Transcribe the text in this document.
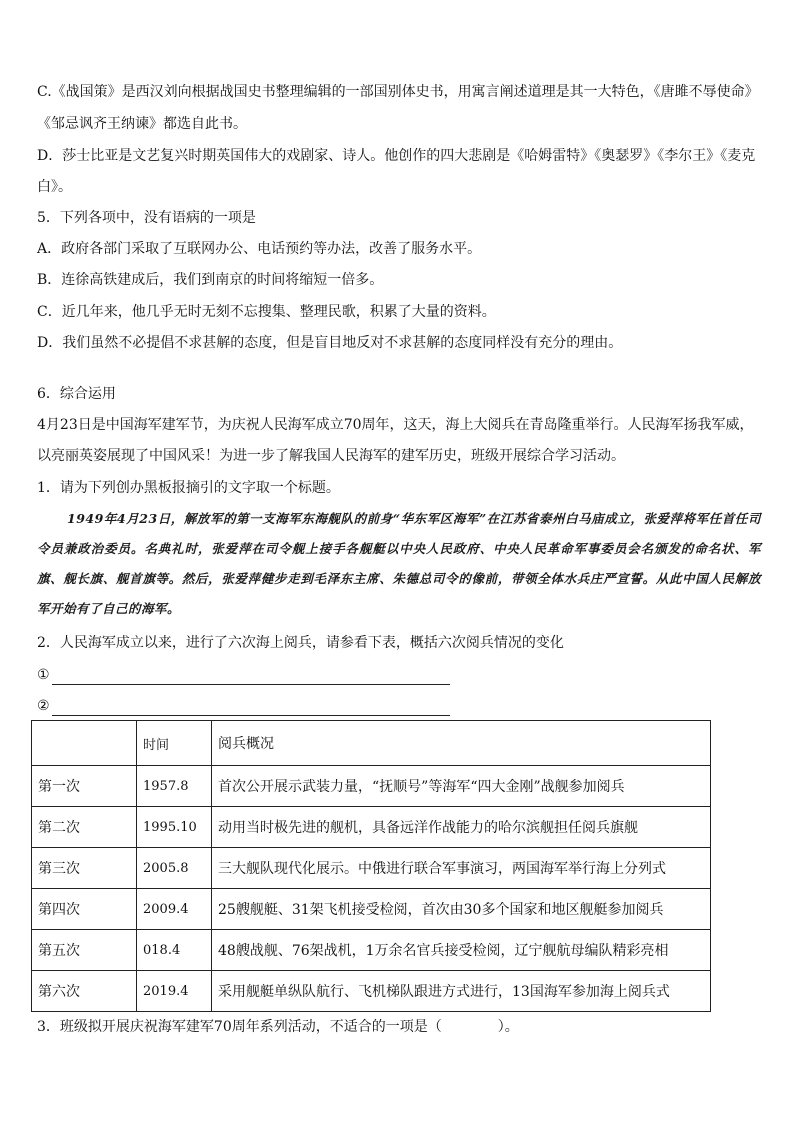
C.《战国策》是西汉刘向根据战国史书整理编辑的一部国别体史书，用寓言阐述道理是其一大特色，《唐雎不辱使命》
《邹忌讽齐王纳谏》都选自此书。
D．莎士比亚是文艺复兴时期英国伟大的戏剧家、诗人。他创作的四大悲剧是《哈姆雷特》《奥瑟罗》《李尔王》《麦克
白》。
5．下列各项中，没有语病的一项是
A．政府各部门采取了互联网办公、电话预约等办法，改善了服务水平。
B．连徐高铁建成后，我们到南京的时间将缩短一倍多。
C．近几年来，他几乎无时无刻不忘搜集、整理民歌，积累了大量的资料。
D．我们虽然不必提倡不求甚解的态度，但是盲目地反对不求甚解的态度同样没有充分的理由。
6．综合运用
4月23日是中国海军建军节，为庆祝人民海军成立70周年，这天，海上大阅兵在青岛隆重举行。人民海军扬我军威，
以亮丽英姿展现了中国风采！为进一步了解我国人民海军的建军历史，班级开展综合学习活动。
1．请为下列创办黑板报摘引的文字取一个标题。
1949年4月23日，解放军的第一支海军东海舰队的前身“华东军区海军”在江苏省泰州白马庙成立，张爱萍将军任首任司令员兼政治委员。名典礼时，张爱萍在司令舰上接手各舰艇以中央人民政府、中央人民革命军事委员会名颁发的命名状、军旗、舰长旗、舰首旗等。然后，张爱萍健步走到毛泽东主席、朱德总司令的像前，带领全体水兵庄严宣誓。从此中国人民解放军开始有了自己的海军。
2．人民海军成立以来，进行了六次海上阅兵，请参看下表，概括六次阅兵情况的变化
①
②
	时间	阅兵概况
第一次	1957.8	首次公开展示武装力量，“抚顺号”等海军“四大金刚”战舰参加阅兵
第二次	1995.10	动用当时极先进的舰机，具备远洋作战能力的哈尔滨舰担任阅兵旗舰
第三次	2005.8	三大舰队现代化展示。中俄进行联合军事演习，两国海军举行海上分列式
第四次	2009.4	25艘舰艇、31架飞机接受检阅，首次由30多个国家和地区舰艇参加阅兵
第五次	018.4	48艘战舰、76架战机，1万余名官兵接受检阅，辽宁舰航母编队精彩亮相
第六次	2019.4	采用舰艇单纵队航行、飞机梯队跟进方式进行，13国海军参加海上阅兵式
3．班级拟开展庆祝海军建军70周年系列活动，不适合的一项是（　　　　）。
